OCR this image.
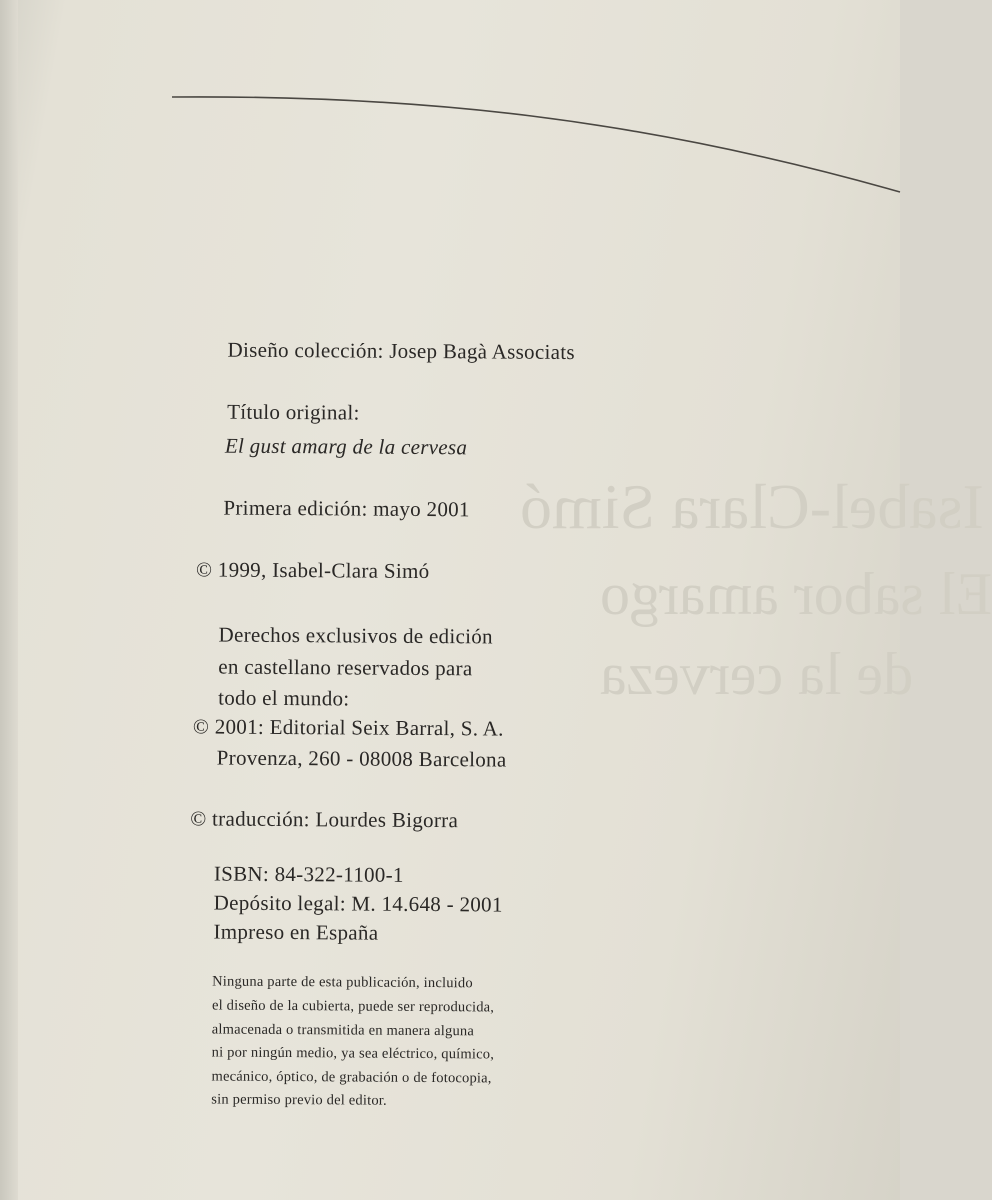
Isabel-Clara Simó
El sabor amargo
de la cerveza
Diseño colección: Josep Bagà Associats
Título original:
El gust amarg de la cervesa
Primera edición: mayo 2001
© 1999, Isabel-Clara Simó
Derechos exclusivos de edición
en castellano reservados para
todo el mundo:
© 2001: Editorial Seix Barral, S. A.
Provenza, 260 - 08008 Barcelona
© traducción: Lourdes Bigorra
ISBN: 84-322-1100-1
Depósito legal: M. 14.648 - 2001
Impreso en España
Ninguna parte de esta publicación, incluido
el diseño de la cubierta, puede ser reproducida,
almacenada o transmitida en manera alguna
ni por ningún medio, ya sea eléctrico, químico,
mecánico, óptico, de grabación o de fotocopia,
sin permiso previo del editor.
